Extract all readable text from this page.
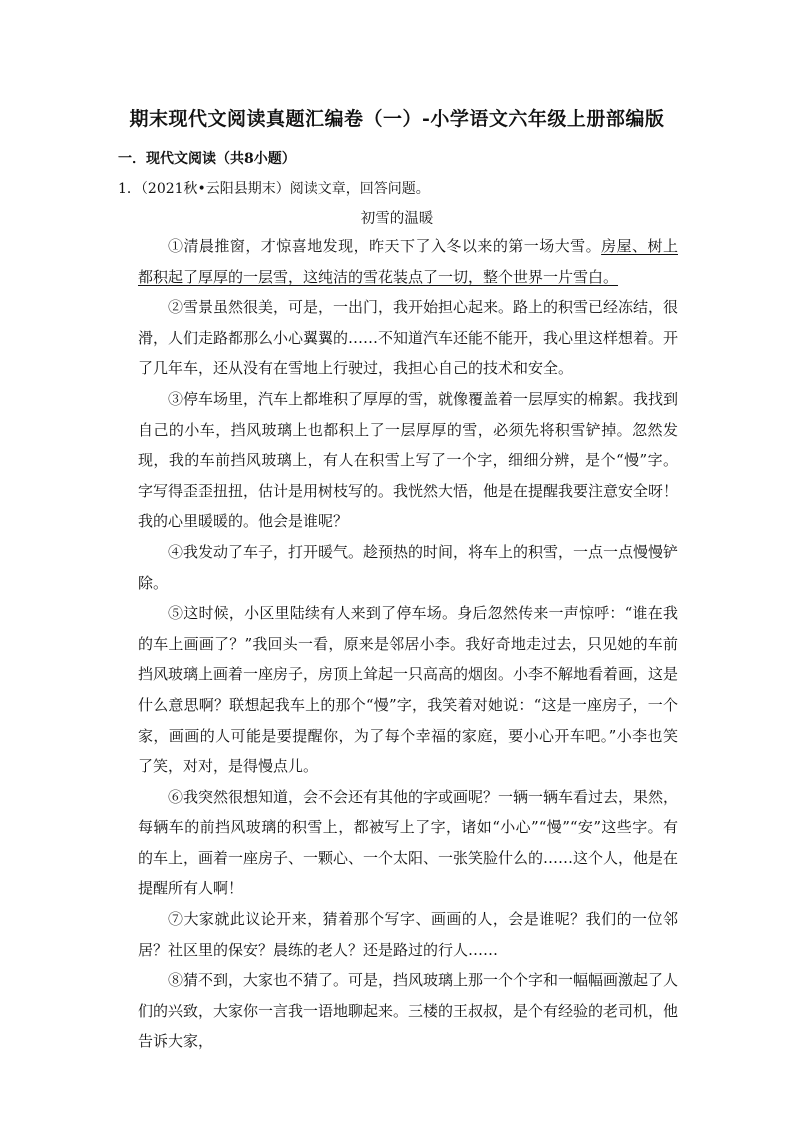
期末现代文阅读真题汇编卷（一）-小学语文六年级上册部编版
一．现代文阅读（共8小题）
1．（2021秋•云阳县期末）阅读文章，回答问题。
初雪的温暖

①清晨推窗，才惊喜地发现，昨天下了入冬以来的第一场大雪。房屋、树上都积起了厚厚的一层雪，这纯洁的雪花装点了一切，整个世界一片雪白。

②雪景虽然很美，可是，一出门，我开始担心起来。路上的积雪已经冻结，很滑，人们走路都那么小心翼翼的……不知道汽车还能不能开，我心里这样想着。开了几年车，还从没有在雪地上行驶过，我担心自己的技术和安全。

③停车场里，汽车上都堆积了厚厚的雪，就像覆盖着一层厚实的棉絮。我找到自己的小车，挡风玻璃上也都积上了一层厚厚的雪，必须先将积雪铲掉。忽然发现，我的车前挡风玻璃上，有人在积雪上写了一个字，细细分辨，是个“慢”字。字写得歪歪扭扭，估计是用树枝写的。我恍然大悟，他是在提醒我要注意安全呀！我的心里暖暖的。他会是谁呢？

④我发动了车子，打开暖气。趁预热的时间，将车上的积雪，一点一点慢慢铲除。

⑤这时候，小区里陆续有人来到了停车场。身后忽然传来一声惊呼：“谁在我的车上画画了？”我回头一看，原来是邻居小李。我好奇地走过去，只见她的车前挡风玻璃上画着一座房子，房顶上耸起一只高高的烟囱。小李不解地看着画，这是什么意思啊？联想起我车上的那个“慢”字，我笑着对她说：“这是一座房子，一个家，画画的人可能是要提醒你，为了每个幸福的家庭，要小心开车吧。”小李也笑了笑，对对，是得慢点儿。

⑥我突然很想知道，会不会还有其他的字或画呢？一辆一辆车看过去，果然，每辆车的前挡风玻璃的积雪上，都被写上了字，诸如“小心”“慢”“安”这些字。有的车上，画着一座房子、一颗心、一个太阳、一张笑脸什么的……这个人，他是在提醒所有人啊！

⑦大家就此议论开来，猜着那个写字、画画的人，会是谁呢？我们的一位邻居？社区里的保安？晨练的老人？还是路过的行人……

⑧猜不到，大家也不猜了。可是，挡风玻璃上那一个个字和一幅幅画激起了人们的兴致，大家你一言我一语地聊起来。三楼的王叔叔，是个有经验的老司机，他告诉大家，
